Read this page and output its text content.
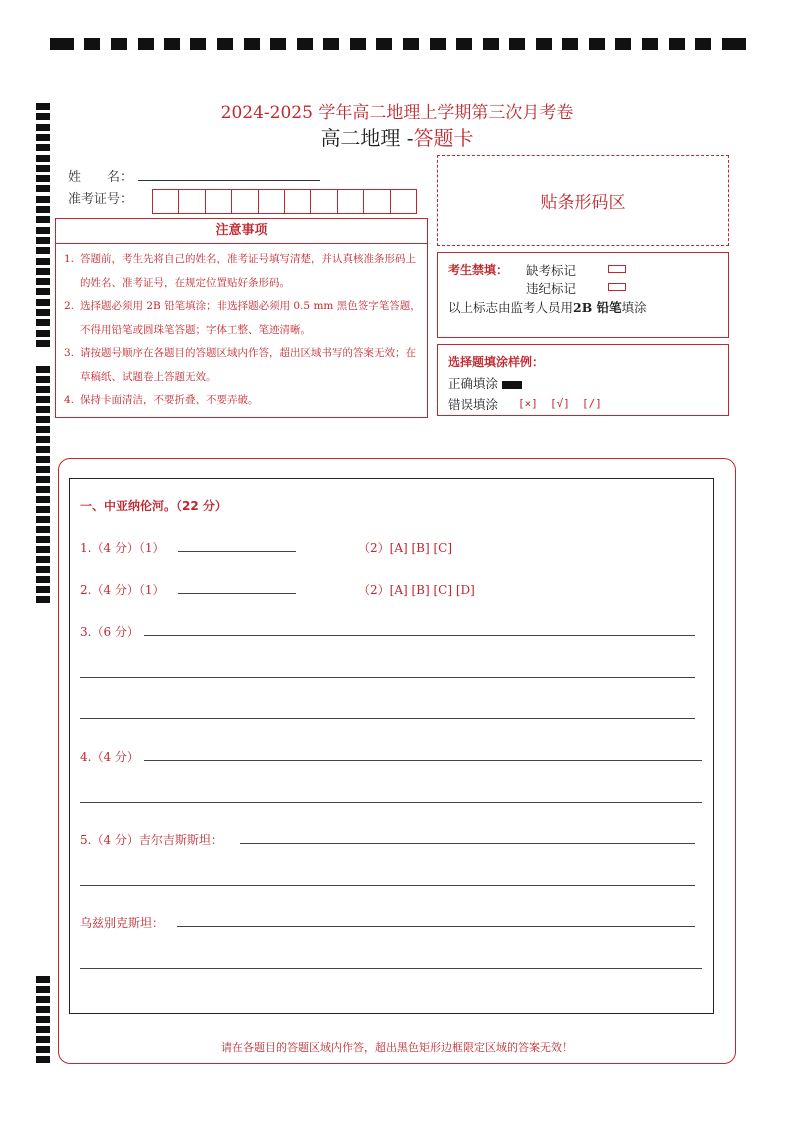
2024-2025 学年高二地理上学期第三次月考卷
高二地理 -答题卡
姓　　名：
准考证号：	贴条形码区
注意事项
1. 答题前，考生先将自己的姓名，准考证号填写清楚，并认真核准条形码上的姓名、准考证号，在规定位置贴好条形码。
2. 选择题必须用 2B 铅笔填涂；非选择题必须用 0.5 mm 黑色签字笔答题，不得用铅笔或圆珠笔答题；字体工整、笔迹清晰。
3. 请按题号顺序在各题目的答题区域内作答，超出区域书写的答案无效；在草稿纸、试题卷上答题无效。
4. 保持卡面清洁，不要折叠、不要弄破。
考生禁填： 缺考标记
违纪标记
以上标志由监考人员用2B 铅笔填涂
选择题填涂样例：
正确填涂
错误填涂 [×] [√] [/]
一、中亚纳伦河。（22 分）
1.（4 分）（1）	（2）[A] [B] [C]
2.（4 分）（1）	（2）[A] [B] [C] [D]
3.（6 分）
4.（4 分）
5.（4 分）吉尔吉斯斯坦：
乌兹别克斯坦：
请在各题目的答题区域内作答，超出黑色矩形边框限定区域的答案无效！
